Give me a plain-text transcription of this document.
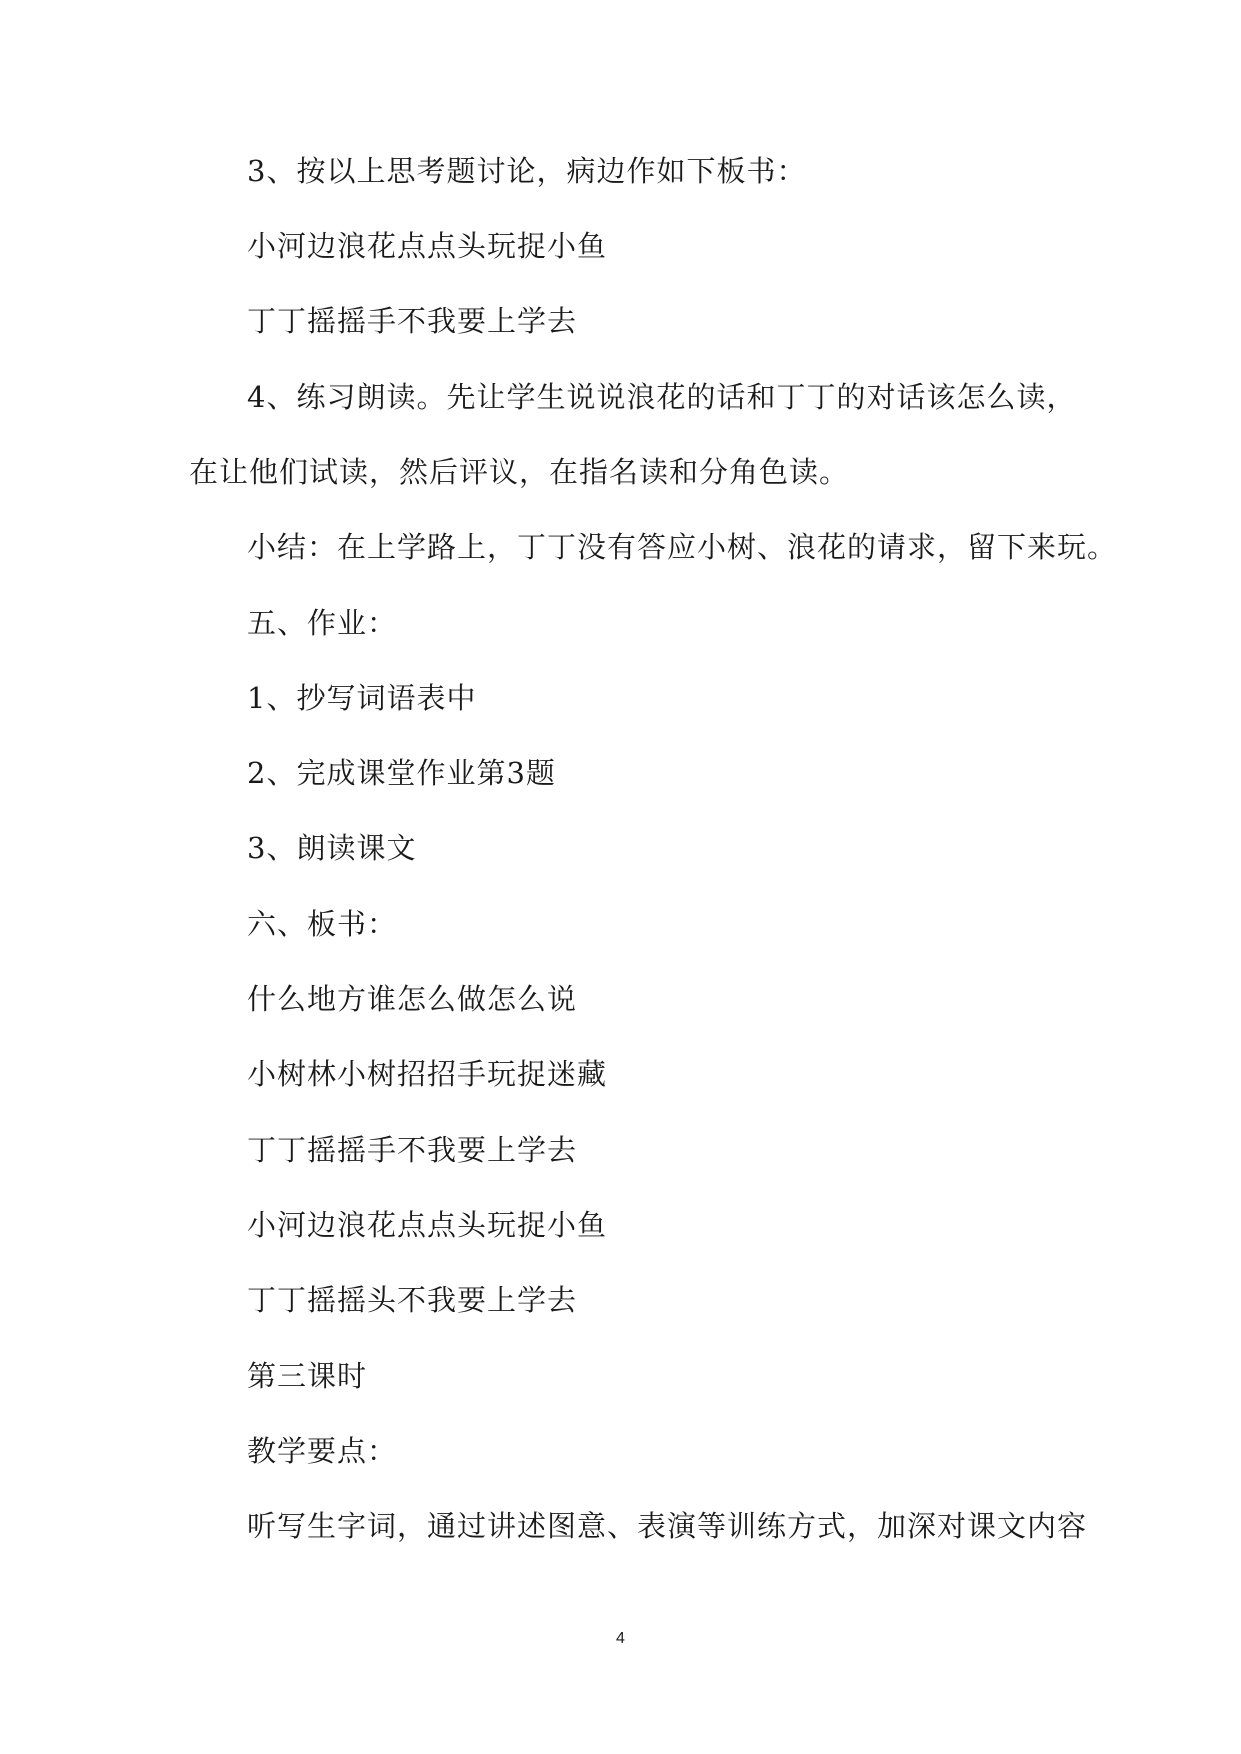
3、按以上思考题讨论，病边作如下板书：
小河边浪花点点头玩捉小鱼
丁丁摇摇手不我要上学去
4、练习朗读。先让学生说说浪花的话和丁丁的对话该怎么读，
在让他们试读，然后评议，在指名读和分角色读。
小结：在上学路上，丁丁没有答应小树、浪花的请求，留下来玩。
五、作业：
1、抄写词语表中
2、完成课堂作业第3题
3、朗读课文
六、板书：
什么地方谁怎么做怎么说
小树林小树招招手玩捉迷藏
丁丁摇摇手不我要上学去
小河边浪花点点头玩捉小鱼
丁丁摇摇头不我要上学去
第三课时
教学要点：
听写生字词，通过讲述图意、表演等训练方式，加深对课文内容
4
